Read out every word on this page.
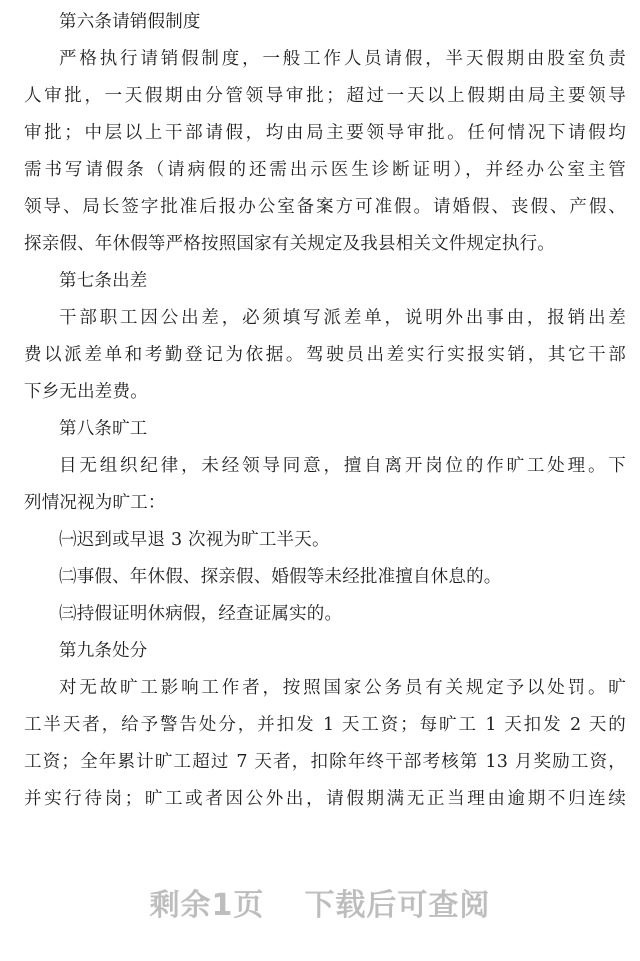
第六条请销假制度
严格执行请销假制度，一般工作人员请假，半天假期由股室负责
人审批，一天假期由分管领导审批；超过一天以上假期由局主要领导
审批；中层以上干部请假，均由局主要领导审批。任何情况下请假均
需书写请假条（请病假的还需出示医生诊断证明），并经办公室主管
领导、局长签字批准后报办公室备案方可准假。请婚假、丧假、产假、
探亲假、年休假等严格按照国家有关规定及我县相关文件规定执行。
第七条出差
干部职工因公出差，必须填写派差单，说明外出事由，报销出差
费以派差单和考勤登记为依据。驾驶员出差实行实报实销，其它干部
下乡无出差费。
第八条旷工
目无组织纪律，未经领导同意，擅自离开岗位的作旷工处理。下
列情况视为旷工：
㈠迟到或早退 3 次视为旷工半天。
㈡事假、年休假、探亲假、婚假等未经批准擅自休息的。
㈢持假证明休病假，经查证属实的。
第九条处分
对无故旷工影响工作者，按照国家公务员有关规定予以处罚。旷
工半天者，给予警告处分，并扣发 1 天工资；每旷工 1 天扣发 2 天的
工资；全年累计旷工超过 7 天者，扣除年终干部考核第 13 月奖励工资，
并实行待岗；旷工或者因公外出，请假期满无正当理由逾期不归连续
剩余1页 下载后可查阅
